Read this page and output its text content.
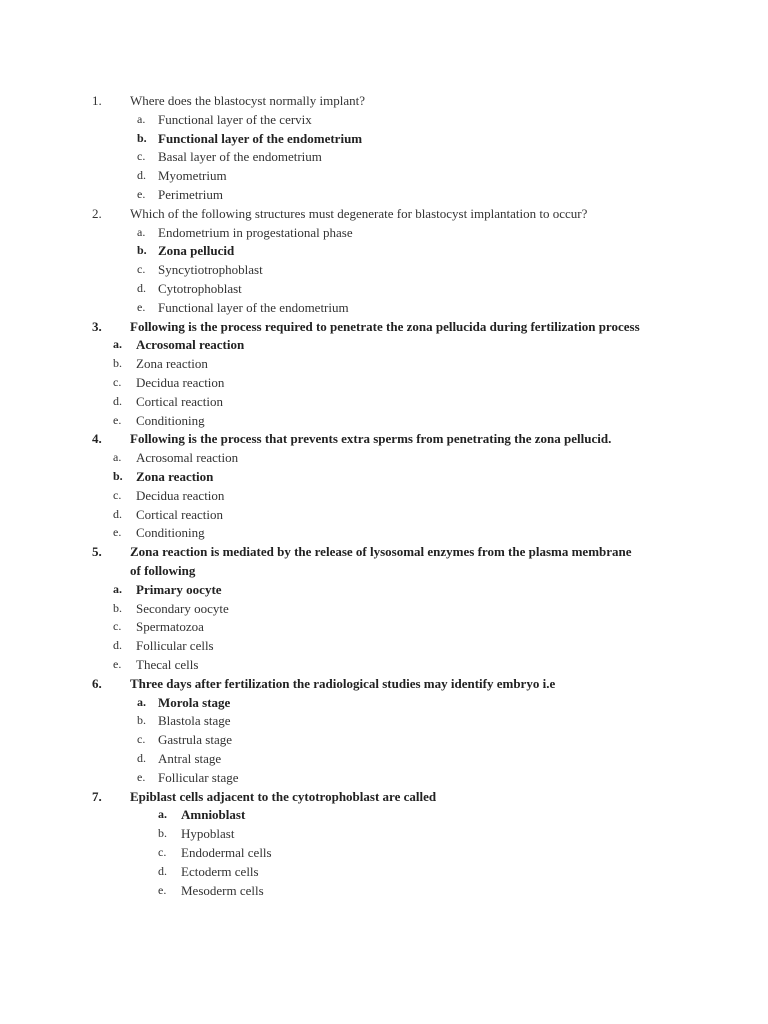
1.	Where does the blastocyst normally implant?
a. Functional layer of the cervix
b. Functional layer of the endometrium
c. Basal layer of the endometrium
d. Myometrium
e. Perimetrium
2.	Which of the following structures must degenerate for blastocyst implantation to occur?
a. Endometrium in progestational phase
b. Zona pellucid
c. Syncytiotrophoblast
d. Cytotrophoblast
e. Functional layer of the endometrium
3.	Following is the process required to penetrate the zona pellucida during fertilization process
a. Acrosomal reaction
b. Zona reaction
c. Decidua reaction
d. Cortical reaction
e. Conditioning
4.	Following is the process that prevents extra sperms from penetrating the zona pellucid.
a. Acrosomal reaction
b. Zona reaction
c. Decidua reaction
d. Cortical reaction
e. Conditioning
5.	Zona reaction is mediated by the release of lysosomal enzymes from the plasma membrane
of following
a. Primary oocyte
b. Secondary oocyte
c. Spermatozoa
d. Follicular cells
e. Thecal cells
6.	Three days after fertilization the radiological studies may identify embryo i.e
a. Morola stage
b. Blastola stage
c. Gastrula stage
d. Antral stage
e. Follicular stage
7.	Epiblast cells adjacent to the cytotrophoblast are called
a. Amnioblast
b. Hypoblast
c. Endodermal cells
d. Ectoderm cells
e. Mesoderm cells
